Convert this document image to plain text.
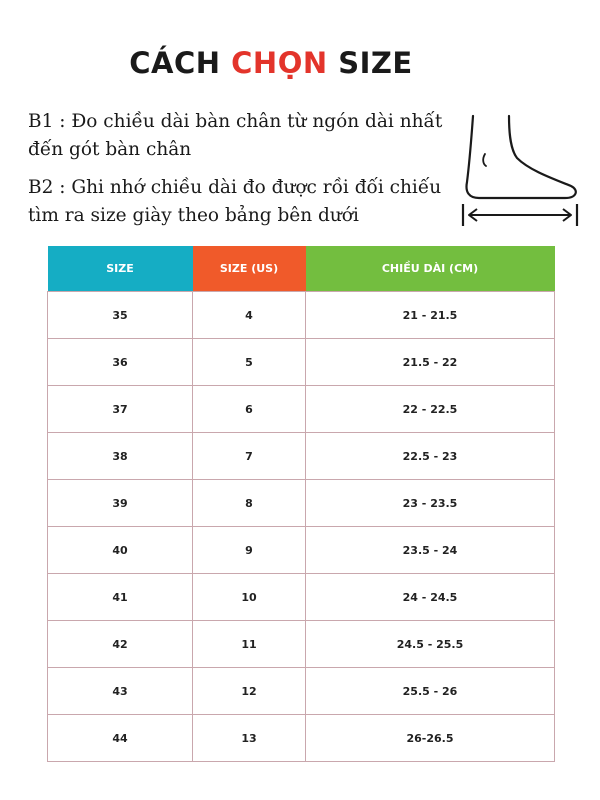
CÁCH CHỌN SIZE
B1 : Đo chiều dài bàn chân từ ngón dài nhất đến gót bàn chân
B2 : Ghi nhớ chiều dài đo được rồi đối chiếu tìm ra size giày theo bảng bên dưới
SIZE	SIZE (US)	CHIỀU DÀI (CM)
35	4	21 - 21.5
36	5	21.5 - 22
37	6	22 - 22.5
38	7	22.5 - 23
39	8	23 - 23.5
40	9	23.5 - 24
41	10	24 - 24.5
42	11	24.5 - 25.5
43	12	25.5 - 26
44	13	26-26.5
